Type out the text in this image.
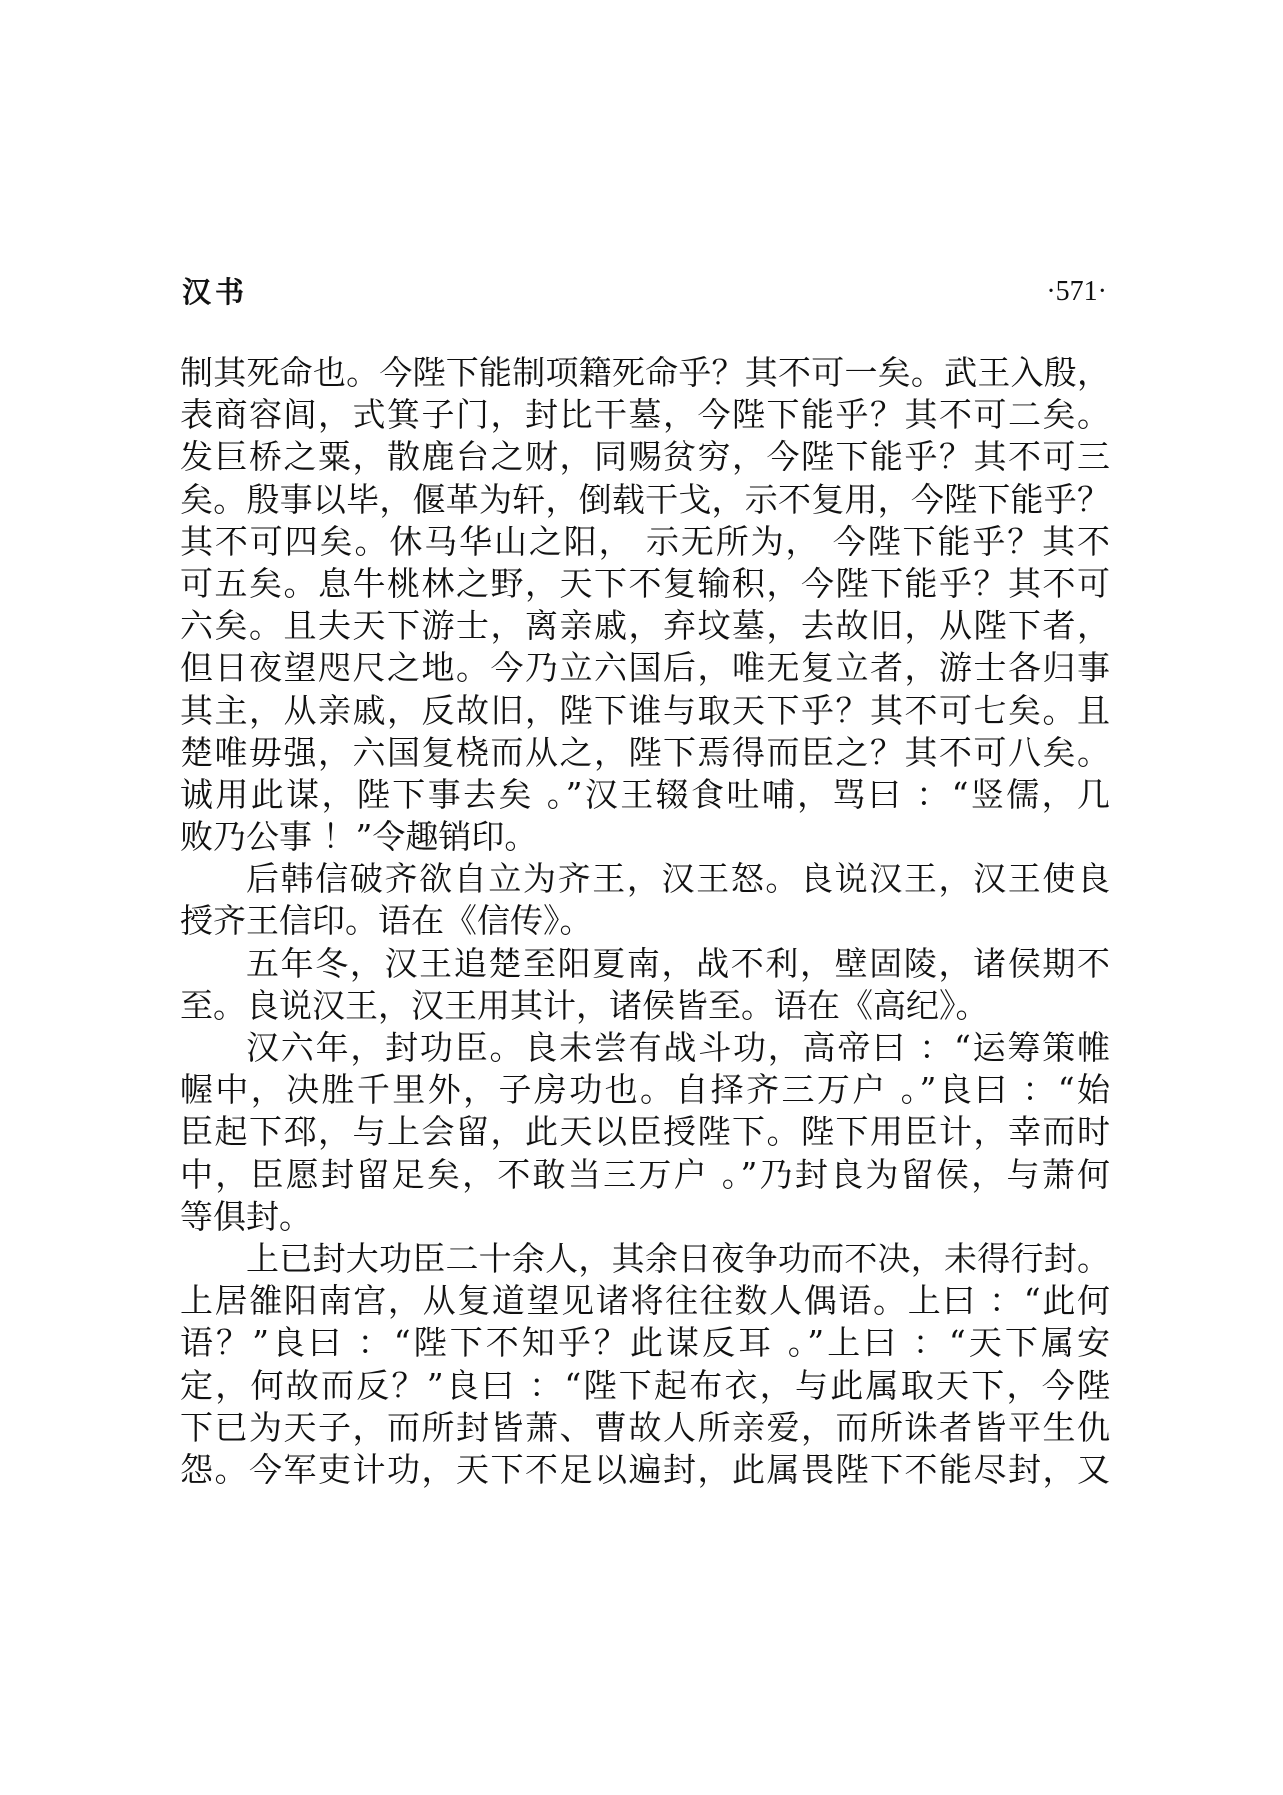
汉书	·571·
制其死命也。今陛下能制项籍死命乎？其不可一矣。武王入殷，
表商容闾，式箕子门，封比干墓，今陛下能乎？其不可二矣。
发巨桥之粟，散鹿台之财，同赐贫穷，今陛下能乎？其不可三
矣。殷事以毕，偃革为轩，倒载干戈，示不复用，今陛下能乎？
其不可四矣。休马华山之阳， 示无所为， 今陛下能乎？其不
可五矣。息牛桃林之野，天下不复输积，今陛下能乎？其不可
六矣。且夫天下游士，离亲戚，弃坟墓，去故旧，从陛下者，
但日夜望咫尺之地。今乃立六国后，唯无复立者，游士各归事
其主，从亲戚，反故旧，陛下谁与取天下乎？其不可七矣。且
楚唯毋强，六国复桡而从之，陛下焉得而臣之？其不可八矣。
诚用此谋，陛下事去矣 。”汉王辍食吐哺，骂曰 ：“竖儒，几
败乃公事 ！”令趣销印。
后韩信破齐欲自立为齐王，汉王怒。良说汉王，汉王使良
授齐王信印。语在《信传》。
五年冬，汉王追楚至阳夏南，战不利，壁固陵，诸侯期不
至。良说汉王，汉王用其计，诸侯皆至。语在《高纪》。
汉六年，封功臣。良未尝有战斗功，高帝曰 ：“运筹策帷
幄中，决胜千里外，子房功也。自择齐三万户 。”良曰 ：“始
臣起下邳，与上会留，此天以臣授陛下。陛下用臣计，幸而时
中，臣愿封留足矣，不敢当三万户 。”乃封良为留侯，与萧何
等俱封。
上已封大功臣二十余人，其余日夜争功而不决，未得行封。
上居雒阳南宫，从复道望见诸将往往数人偶语。上曰 ：“此何
语？”良曰 ：“陛下不知乎？此谋反耳 。”上曰 ：“天下属安
定，何故而反？”良曰 ：“陛下起布衣，与此属取天下，今陛
下已为天子，而所封皆萧、曹故人所亲爱，而所诛者皆平生仇
怨。今军吏计功，天下不足以遍封，此属畏陛下不能尽封，又
